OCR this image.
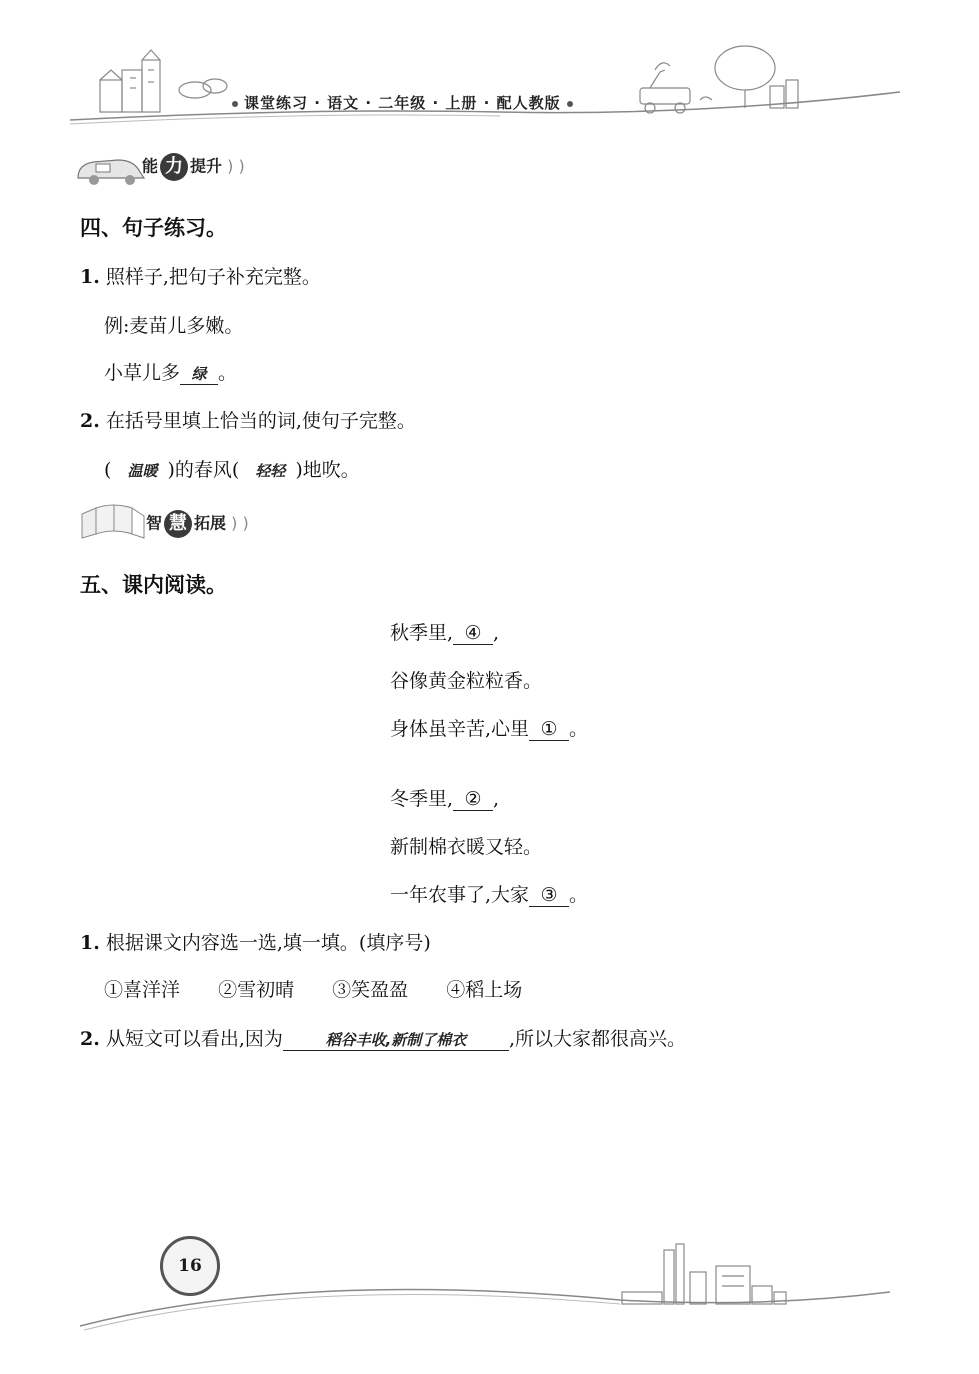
课堂练习 · 语文 · 二年级 · 上册 · 配人教版
能 力 提升 ) )
四、句子练习。
1. 照样子,把句子补充完整。
例:麦苗儿多嫩。
小草儿多 绿 。
2. 在括号里填上恰当的词,使句子完整。
( 温暖 )的春风( 轻轻 )地吹。
智 慧 拓展 ) )
五、课内阅读。
秋季里, ④ ,
谷像黄金粒粒香。
身体虽辛苦,心里 ① 。
冬季里, ② ,
新制棉衣暖又轻。
一年农事了,大家 ③ 。
1. 根据课文内容选一选,填一填。(填序号)
①喜洋洋 ②雪初晴 ③笑盈盈 ④稻上场
2. 从短文可以看出,因为	稻谷丰收,新制了棉衣 ,所以大家都很高兴。
16
